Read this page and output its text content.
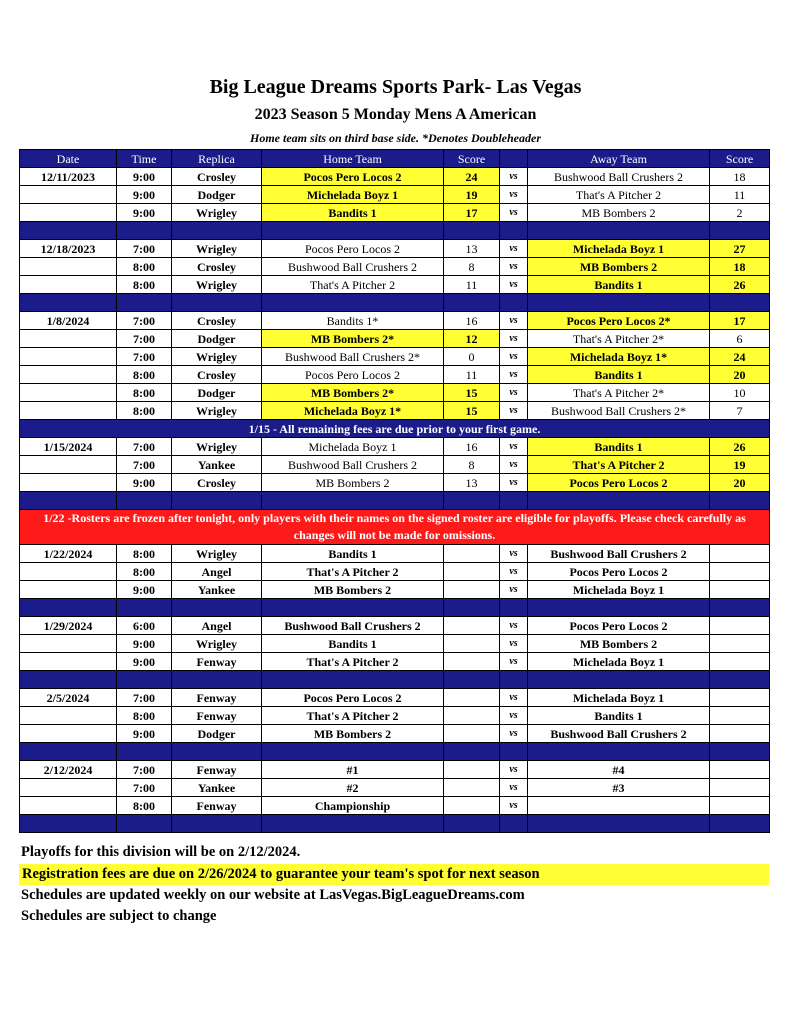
Big League Dreams Sports Park- Las Vegas
2023 Season 5 Monday Mens A American
Home team sits on third base side. *Denotes Doubleheader
Date	Time	Replica	Home Team	Score		Away Team	Score
12/11/2023	9:00	Crosley	Pocos Pero Locos 2	24	vs	Bushwood Ball Crushers 2	18
	9:00	Dodger	Michelada Boyz 1	19	vs	That's A Pitcher 2	11
	9:00	Wrigley	Bandits 1	17	vs	MB Bombers 2	2

12/18/2023	7:00	Wrigley	Pocos Pero Locos 2	13	vs	Michelada Boyz 1	27
	8:00	Crosley	Bushwood Ball Crushers 2	8	vs	MB Bombers 2	18
	8:00	Wrigley	That's A Pitcher 2	11	vs	Bandits 1	26

1/8/2024	7:00	Crosley	Bandits 1*	16	vs	Pocos Pero Locos 2*	17
	7:00	Dodger	MB Bombers 2*	12	vs	That's A Pitcher 2*	6
	7:00	Wrigley	Bushwood Ball Crushers 2*	0	vs	Michelada Boyz 1*	24
	8:00	Crosley	Pocos Pero Locos 2	11	vs	Bandits 1	20
	8:00	Dodger	MB Bombers 2*	15	vs	That's A Pitcher 2*	10
	8:00	Wrigley	Michelada Boyz 1*	15	vs	Bushwood Ball Crushers 2*	7
1/15 - All remaining fees are due prior to your first game.							
1/15/2024	7:00	Wrigley	Michelada Boyz 1	16	vs	Bandits 1	26
	7:00	Yankee	Bushwood Ball Crushers 2	8	vs	That's A Pitcher 2	19
	9:00	Crosley	MB Bombers 2	13	vs	Pocos Pero Locos 2	20

1/22 -Rosters are frozen after tonight, only players with their names on the signed roster are eligible for playoffs. Please check carefully as changes will not be made for omissions.							
1/22/2024	8:00	Wrigley	Bandits 1		vs	Bushwood Ball Crushers 2	
	8:00	Angel	That's A Pitcher 2		vs	Pocos Pero Locos 2	
	9:00	Yankee	MB Bombers 2		vs	Michelada Boyz 1	

1/29/2024	6:00	Angel	Bushwood Ball Crushers 2		vs	Pocos Pero Locos 2	
	9:00	Wrigley	Bandits 1		vs	MB Bombers 2	
	9:00	Fenway	That's A Pitcher 2		vs	Michelada Boyz 1	

2/5/2024	7:00	Fenway	Pocos Pero Locos 2		vs	Michelada Boyz 1	
	8:00	Fenway	That's A Pitcher 2		vs	Bandits 1	
	9:00	Dodger	MB Bombers 2		vs	Bushwood Ball Crushers 2	

2/12/2024	7:00	Fenway	#1		vs	#4	
	7:00	Yankee	#2		vs	#3	
	8:00	Fenway	Championship		vs		

Playoffs for this division will be on 2/12/2024.
Registration fees are due on 2/26/2024 to guarantee your team's spot for next season
Schedules are updated weekly on our website at LasVegas.BigLeagueDreams.com
Schedules are subject to change
